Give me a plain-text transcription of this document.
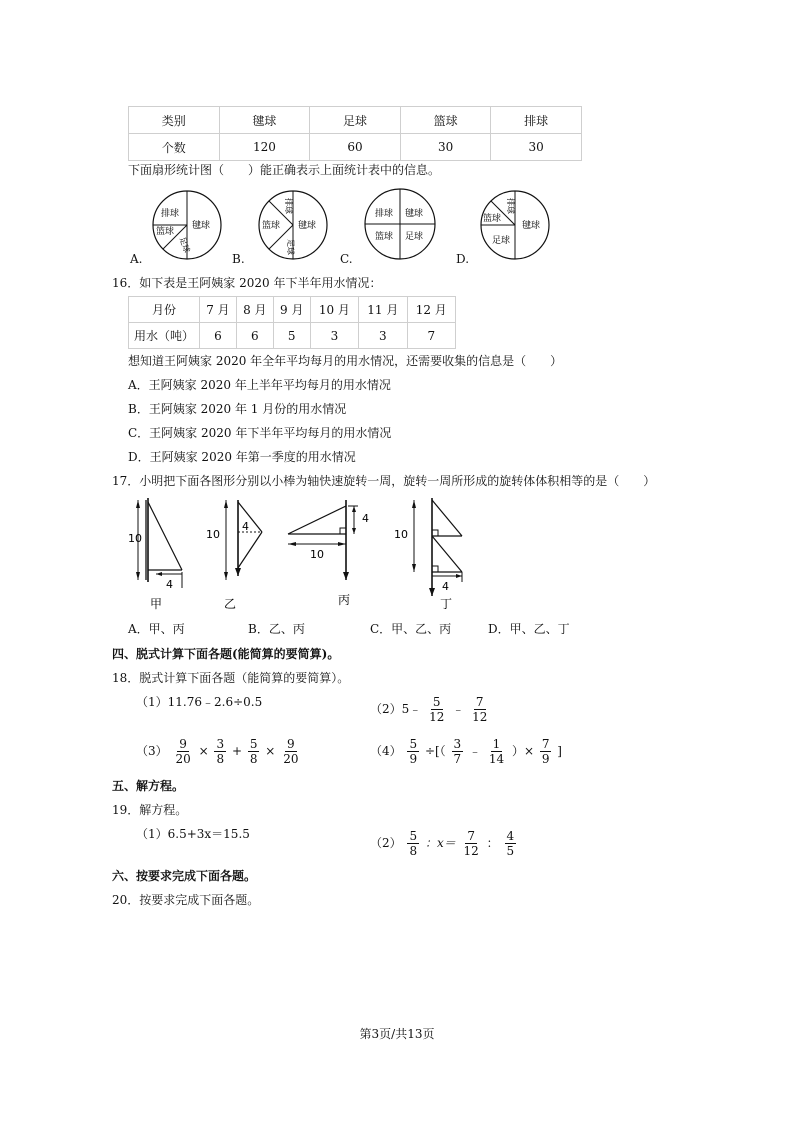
类别	毽球	足球	篮球	排球
个数	120	60	30	30
下面扇形统计图（　　）能正确表示上面统计表中的信息。
A.	B.	C.	D.
排球
毽球
篮球
足球
排球
篮球 毽球
足球
排球 毽球
篮球 足球
排球
篮球
毽球
足球
16．如下表是王阿姨家 2020 年下半年用水情况：
月份	7 月	8 月	9 月	10 月	11 月	12 月
用水（吨）	6	6	5	3	3	7
想知道王阿姨家 2020 年全年平均每月的用水情况，还需要收集的信息是（　　）
A．王阿姨家 2020 年上半年平均每月的用水情况
B．王阿姨家 2020 年 1 月份的用水情况
C．王阿姨家 2020 年下半年平均每月的用水情况
D．王阿姨家 2020 年第一季度的用水情况
17．小明把下面各图形分别以小棒为轴快速旋转一周，旋转一周所形成的旋转体体积相等的是（　　）
10
4
甲
10
4
乙
4
10
丙
10
4
丁
A．甲、丙	B．乙、丙	C．甲、乙、丙	D．甲、乙、丁
四、脱式计算下面各题(能简算的要简算)。
18．脱式计算下面各题（能简算的要简算）。
（1）11.76﹣2.6÷0.5	（2）5﹣ $\frac{5}{12}$ ﹣ $\frac{7}{12}$
$(3) \frac{9}{20} \times \frac{3}{8} + \frac{5}{8} \times \frac{9}{20}$	$(4) \frac{5}{9}$ ÷[（ $\frac{3}{7}$ ﹣ $\frac{1}{14}$ ）× $\frac{7}{9}$ ]
五、解方程。
19．解方程。
（1）6.5+3x＝15.5
$(2) \frac{5}{8}$ ：$x= \frac{7}{12}$ ： $\frac{4}{5}$
六、按要求完成下面各题。
20．按要求完成下面各题。
第3页/共13页
